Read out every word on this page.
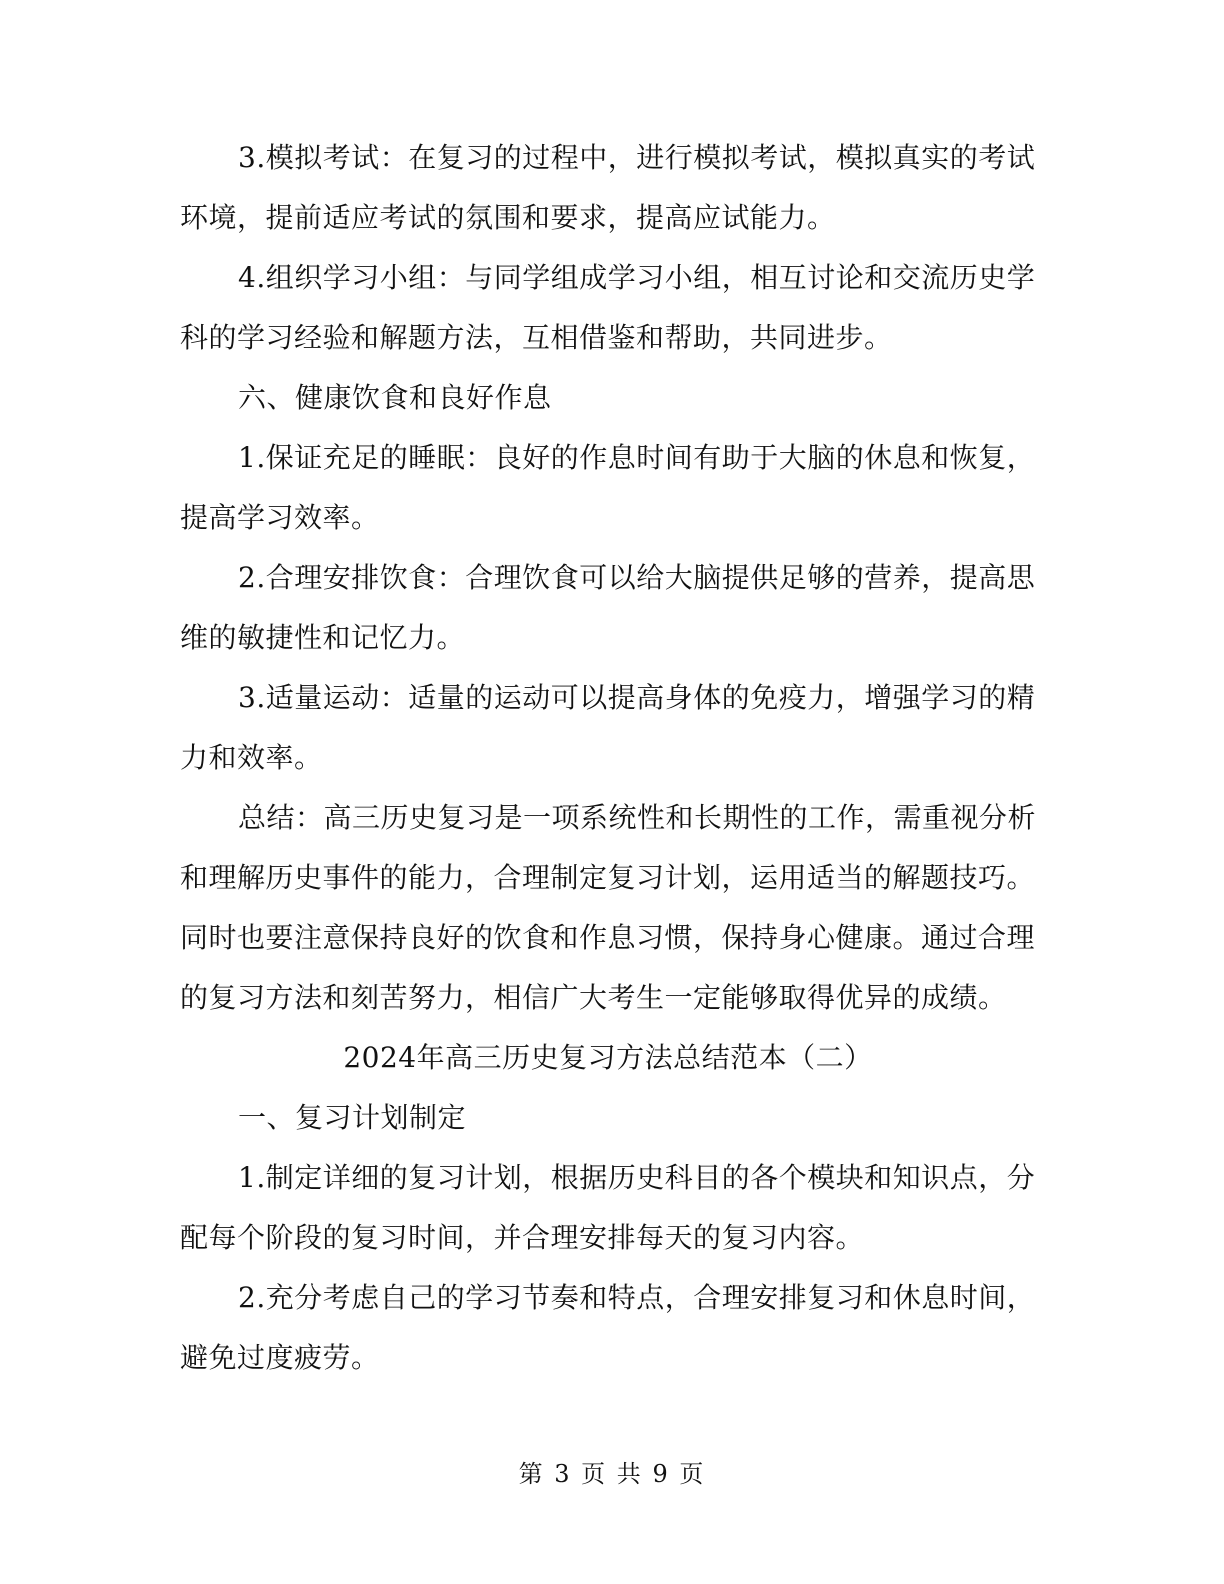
3.模拟考试：在复习的过程中，进行模拟考试，模拟真实的考试环境，提前适应考试的氛围和要求，提高应试能力。

4.组织学习小组：与同学组成学习小组，相互讨论和交流历史学科的学习经验和解题方法，互相借鉴和帮助，共同进步。

六、健康饮食和良好作息

1.保证充足的睡眠：良好的作息时间有助于大脑的休息和恢复，提高学习效率。

2.合理安排饮食：合理饮食可以给大脑提供足够的营养，提高思维的敏捷性和记忆力。

3.适量运动：适量的运动可以提高身体的免疫力，增强学习的精力和效率。

总结：高三历史复习是一项系统性和长期性的工作，需重视分析和理解历史事件的能力，合理制定复习计划，运用适当的解题技巧。同时也要注意保持良好的饮食和作息习惯，保持身心健康。通过合理的复习方法和刻苦努力，相信广大考生一定能够取得优异的成绩。

2024年高三历史复习方法总结范本（二）

一、复习计划制定

1.制定详细的复习计划，根据历史科目的各个模块和知识点，分配每个阶段的复习时间，并合理安排每天的复习内容。

2.充分考虑自己的学习节奏和特点，合理安排复习和休息时间，避免过度疲劳。

第 3 页 共 9 页
